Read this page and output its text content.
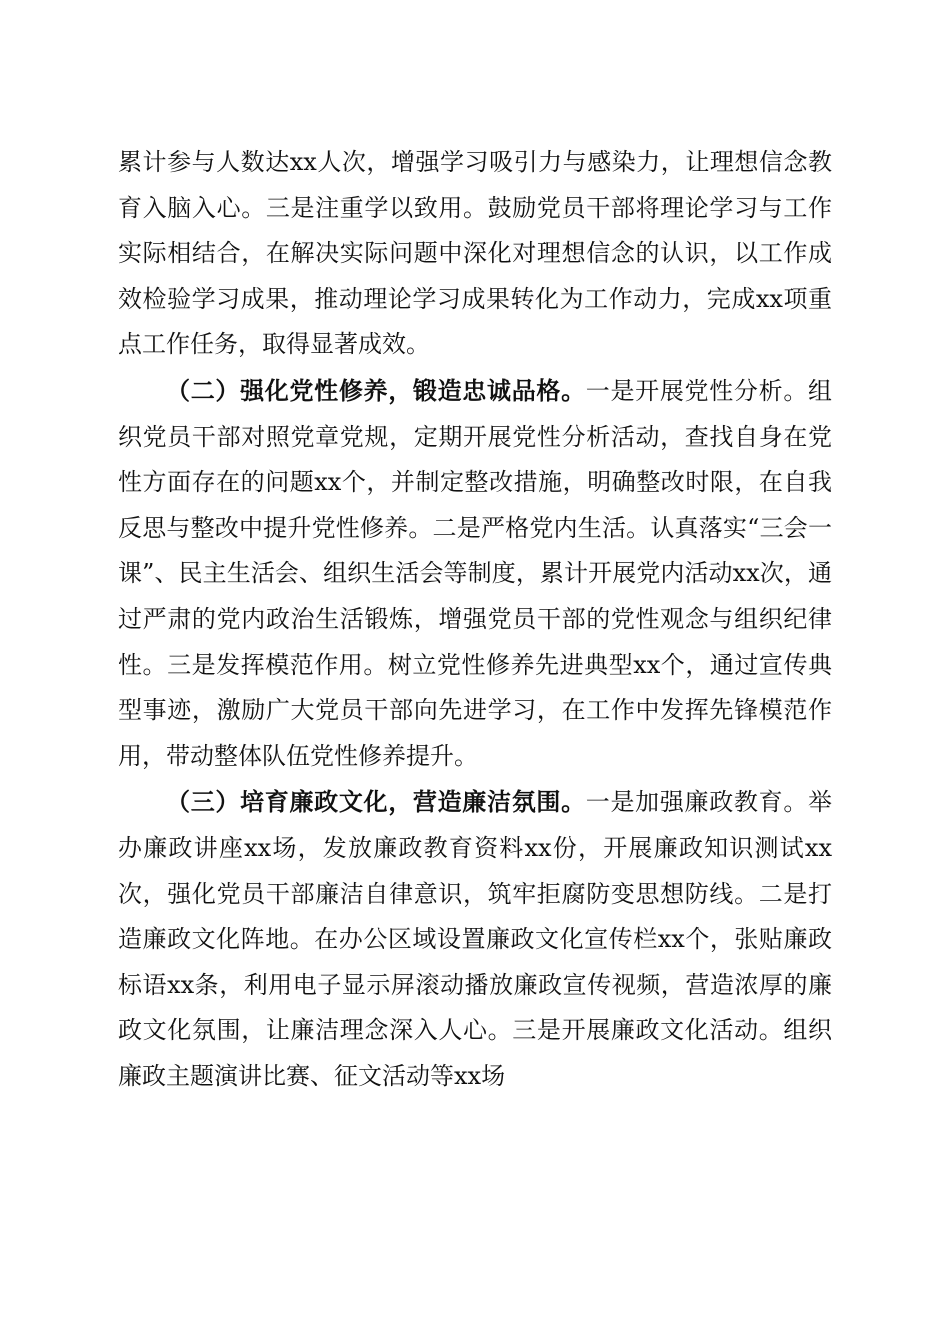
累计参与人数达xx人次，增强学习吸引力与感染力，让理想信念教育入脑入心。三是注重学以致用。鼓励党员干部将理论学习与工作实际相结合，在解决实际问题中深化对理想信念的认识，以工作成效检验学习成果，推动理论学习成果转化为工作动力，完成xx项重点工作任务，取得显著成效。

（二）强化党性修养，锻造忠诚品格。一是开展党性分析。组织党员干部对照党章党规，定期开展党性分析活动，查找自身在党性方面存在的问题xx个，并制定整改措施，明确整改时限，在自我反思与整改中提升党性修养。二是严格党内生活。认真落实“三会一课”、民主生活会、组织生活会等制度，累计开展党内活动xx次，通过严肃的党内政治生活锻炼，增强党员干部的党性观念与组织纪律性。三是发挥模范作用。树立党性修养先进典型xx个，通过宣传典型事迹，激励广大党员干部向先进学习，在工作中发挥先锋模范作用，带动整体队伍党性修养提升。

（三）培育廉政文化，营造廉洁氛围。一是加强廉政教育。举办廉政讲座xx场，发放廉政教育资料xx份，开展廉政知识测试xx次，强化党员干部廉洁自律意识，筑牢拒腐防变思想防线。二是打造廉政文化阵地。在办公区域设置廉政文化宣传栏xx个，张贴廉政标语xx条，利用电子显示屏滚动播放廉政宣传视频，营造浓厚的廉政文化氛围，让廉洁理念深入人心。三是开展廉政文化活动。组织廉政主题演讲比赛、征文活动等xx场
